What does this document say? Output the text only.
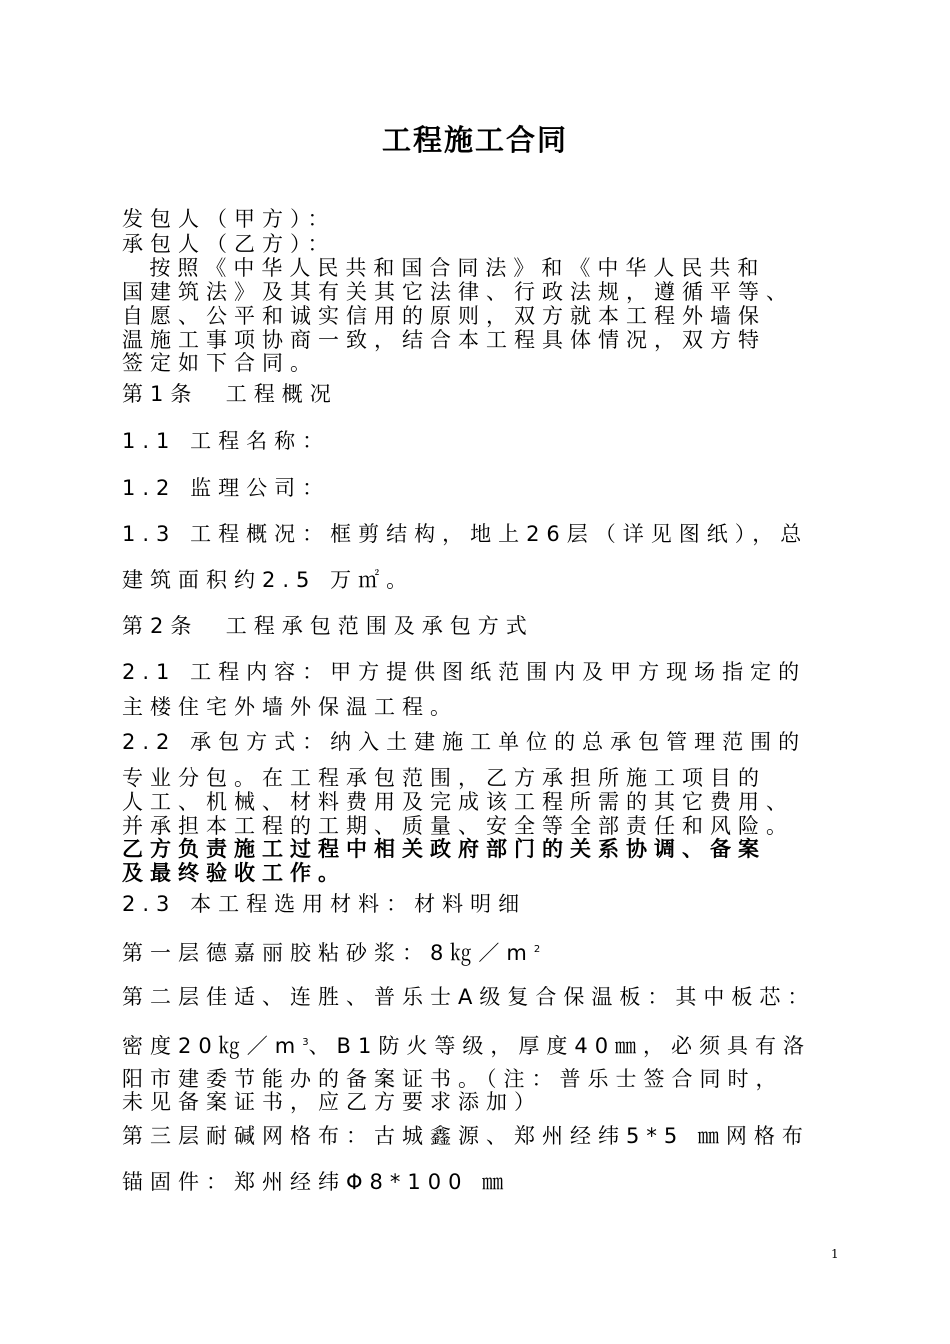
工程施工合同
发包人（甲方）：
承包人（乙方）：
按照《中华人民共和国合同法》和《中华人民共和
国建筑法》及其有关其它法律、行政法规，遵循平等、
自愿、公平和诚实信用的原则，双方就本工程外墙保
温施工事项协商一致，结合本工程具体情况，双方特
签定如下合同。
第1条  工程概况
1.1 工程名称：
1.2 监理公司：
1.3 工程概况：框剪结构，地上26层（详见图纸），总
建筑面积约2.5 万㎡。
第2条  工程承包范围及承包方式
2.1 工程内容：甲方提供图纸范围内及甲方现场指定的
主楼住宅外墙外保温工程。
2.2 承包方式：纳入土建施工单位的总承包管理范围的
专业分包。在工程承包范围，乙方承担所施工项目的
人工、机械、材料费用及完成该工程所需的其它费用、
并承担本工程的工期、质量、安全等全部责任和风险。
乙方负责施工过程中相关政府部门的关系协调、备案
及最终验收工作。
2.3 本工程选用材料：材料明细
第一层德嘉丽胶粘砂浆：$8㎏/m^2$
第二层佳适、连胜、普乐士A级复合保温板：其中板芯：
密度$20㎏/m^3$、B1防火等级，厚度40㎜，必须具有洛
阳市建委节能办的备案证书。（注：普乐士签合同时，
未见备案证书，应乙方要求添加）
第三层耐碱网格布：古城鑫源、郑州经纬5*5 ㎜网格布
锚固件：郑州经纬Φ8*100 ㎜
1
